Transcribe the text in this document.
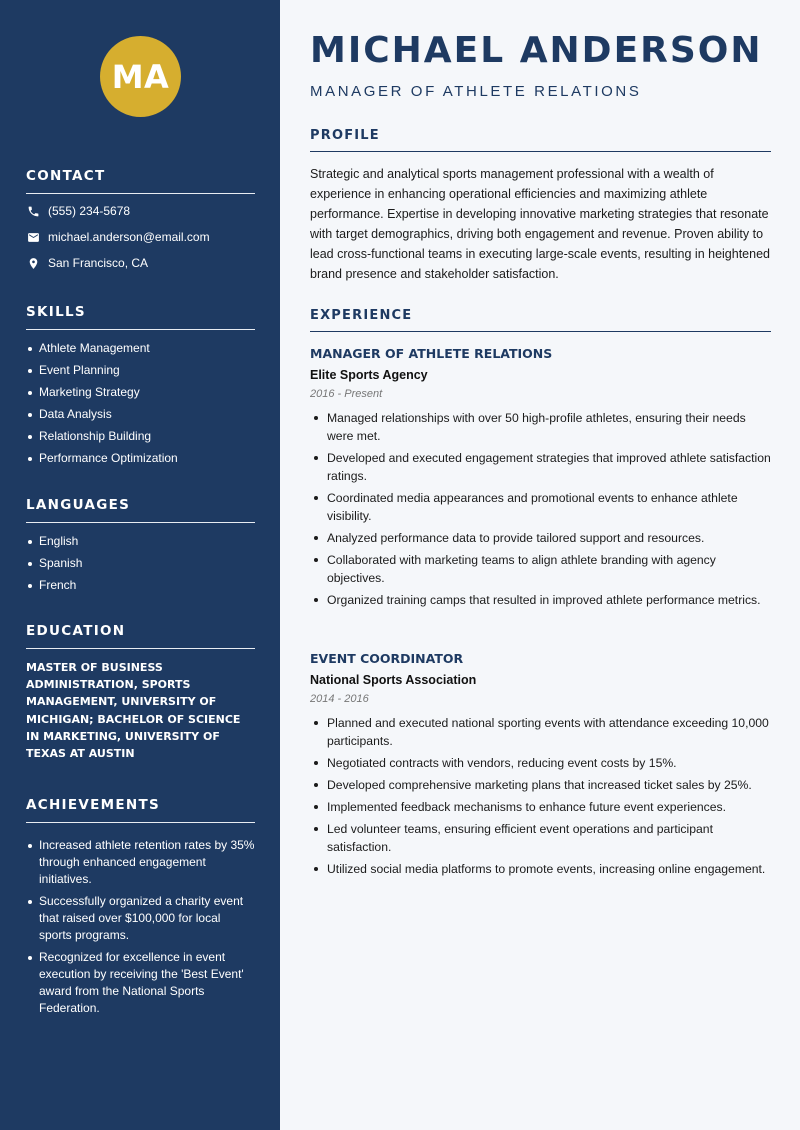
MA
CONTACT
(555) 234-5678
michael.anderson@email.com
San Francisco, CA
SKILLS
Athlete Management
Event Planning
Marketing Strategy
Data Analysis
Relationship Building
Performance Optimization
LANGUAGES
English
Spanish
French
EDUCATION
MASTER OF BUSINESS ADMINISTRATION, SPORTS MANAGEMENT, UNIVERSITY OF MICHIGAN; BACHELOR OF SCIENCE IN MARKETING, UNIVERSITY OF TEXAS AT AUSTIN
ACHIEVEMENTS
Increased athlete retention rates by 35% through enhanced engagement initiatives.
Successfully organized a charity event that raised over $100,000 for local sports programs.
Recognized for excellence in event execution by receiving the 'Best Event' award from the National Sports Federation.
MICHAEL ANDERSON
MANAGER OF ATHLETE RELATIONS
PROFILE

Strategic and analytical sports management professional with a wealth of experience in enhancing operational efficiencies and maximizing athlete performance. Expertise in developing innovative marketing strategies that resonate with target demographics, driving both engagement and revenue. Proven ability to lead cross-functional teams in executing large-scale events, resulting in heightened brand presence and stakeholder satisfaction.

EXPERIENCE
MANAGER OF ATHLETE RELATIONS
Elite Sports Agency
2016 - Present
Managed relationships with over 50 high-profile athletes, ensuring their needs were met.
Developed and executed engagement strategies that improved athlete satisfaction ratings.
Coordinated media appearances and promotional events to enhance athlete visibility.
Analyzed performance data to provide tailored support and resources.
Collaborated with marketing teams to align athlete branding with agency objectives.
Organized training camps that resulted in improved athlete performance metrics.
EVENT COORDINATOR
National Sports Association
2014 - 2016
Planned and executed national sporting events with attendance exceeding 10,000 participants.
Negotiated contracts with vendors, reducing event costs by 15%.
Developed comprehensive marketing plans that increased ticket sales by 25%.
Implemented feedback mechanisms to enhance future event experiences.
Led volunteer teams, ensuring efficient event operations and participant satisfaction.
Utilized social media platforms to promote events, increasing online engagement.
